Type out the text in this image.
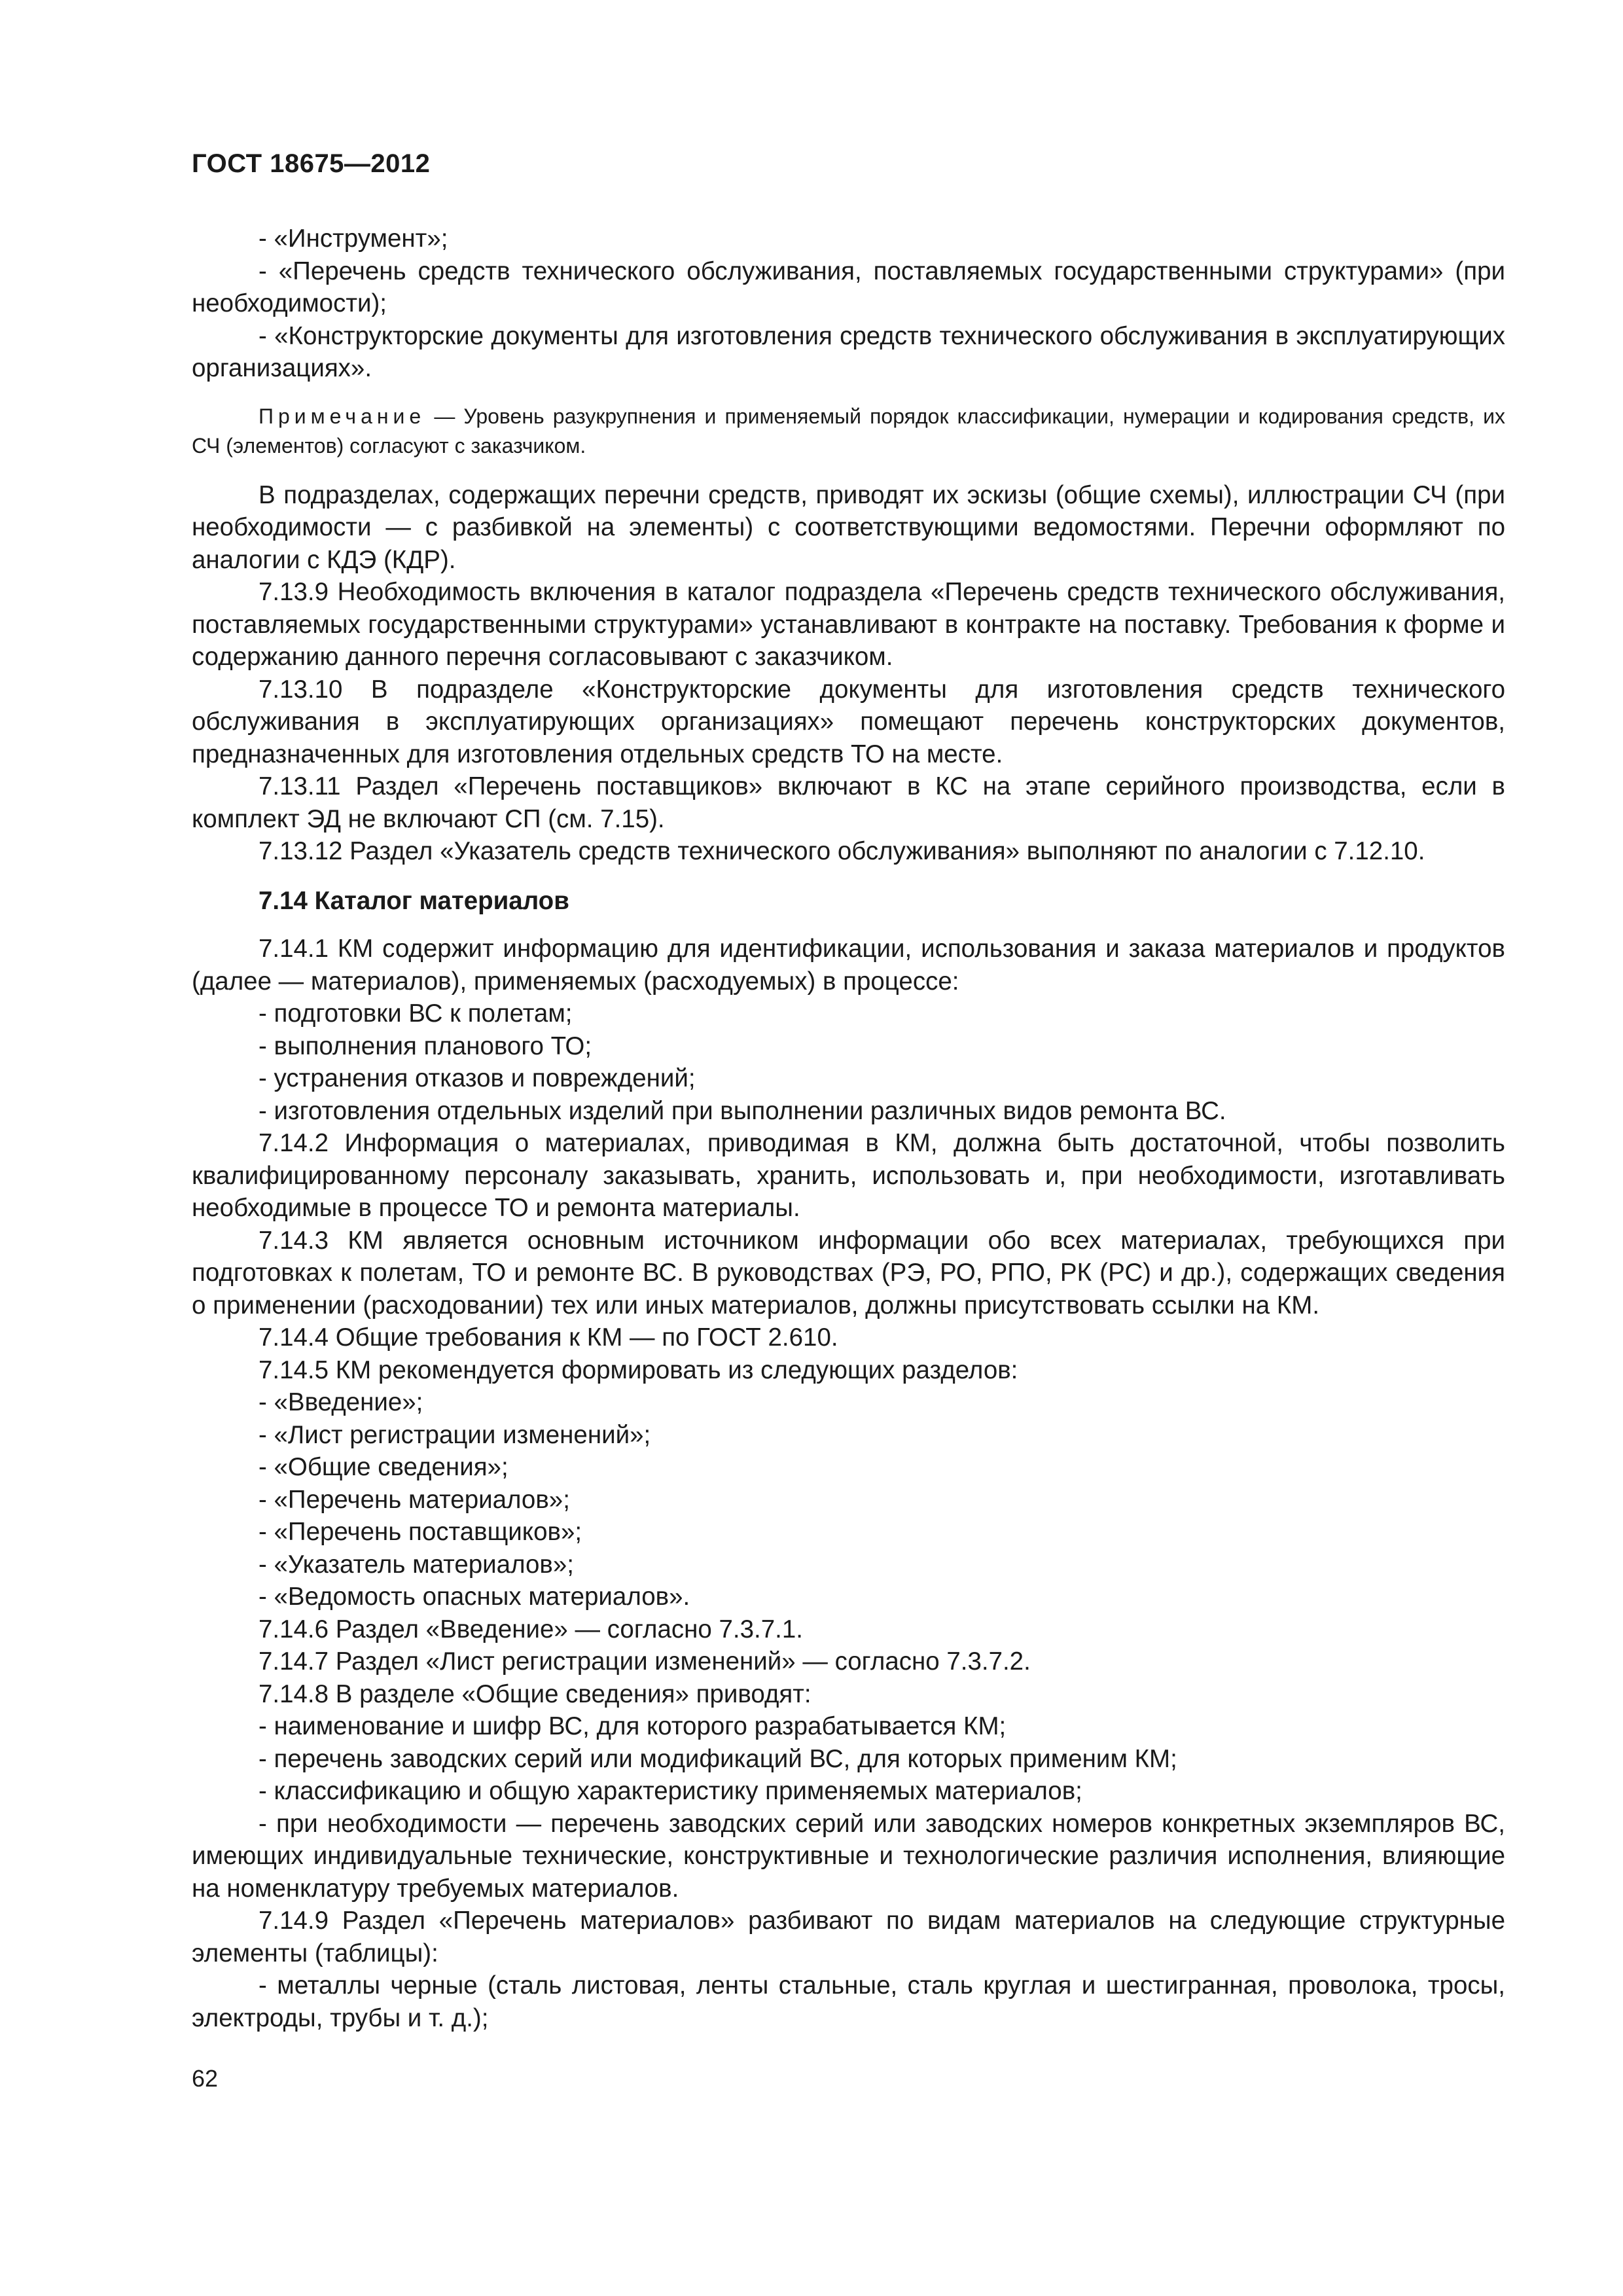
ГОСТ 18675—2012

- «Инструмент»;

- «Перечень средств технического обслуживания, поставляемых государственными структурами» (при необходимости);

- «Конструкторские документы для изготовления средств технического обслуживания в эксплуатирующих организациях».

Примечание — Уровень разукрупнения и применяемый порядок классификации, нумерации и кодирования средств, их СЧ (элементов) согласуют с заказчиком.

В подразделах, содержащих перечни средств, приводят их эскизы (общие схемы), иллюстрации СЧ (при необходимости — с разбивкой на элементы) с соответствующими ведомостями. Перечни оформляют по аналогии с КДЭ (КДР).

7.13.9 Необходимость включения в каталог подраздела «Перечень средств технического обслуживания, поставляемых государственными структурами» устанавливают в контракте на поставку. Требования к форме и содержанию данного перечня согласовывают с заказчиком.

7.13.10 В подразделе «Конструкторские документы для изготовления средств технического обслуживания в эксплуатирующих организациях» помещают перечень конструкторских документов, предназначенных для изготовления отдельных средств ТО на месте.

7.13.11 Раздел «Перечень поставщиков» включают в КС на этапе серийного производства, если в комплект ЭД не включают СП (см. 7.15).

7.13.12 Раздел «Указатель средств технического обслуживания» выполняют по аналогии с 7.12.10.

7.14 Каталог материалов

7.14.1 КМ содержит информацию для идентификации, использования и заказа материалов и продуктов (далее — материалов), применяемых (расходуемых) в процессе:

- подготовки ВС к полетам;

- выполнения планового ТО;

- устранения отказов и повреждений;

- изготовления отдельных изделий при выполнении различных видов ремонта ВС.

7.14.2 Информация о материалах, приводимая в КМ, должна быть достаточной, чтобы позволить квалифицированному персоналу заказывать, хранить, использовать и, при необходимости, изготавливать необходимые в процессе ТО и ремонта материалы.

7.14.3 КМ является основным источником информации обо всех материалах, требующихся при подготовках к полетам, ТО и ремонте ВС. В руководствах (РЭ, РО, РПО, РК (РС) и др.), содержащих сведения о применении (расходовании) тех или иных материалов, должны присутствовать ссылки на КМ.

7.14.4 Общие требования к КМ — по ГОСТ 2.610.

7.14.5 КМ рекомендуется формировать из следующих разделов:

- «Введение»;

- «Лист регистрации изменений»;

- «Общие сведения»;

- «Перечень материалов»;

- «Перечень поставщиков»;

- «Указатель материалов»;

- «Ведомость опасных материалов».

7.14.6 Раздел «Введение» — согласно 7.3.7.1.

7.14.7 Раздел «Лист регистрации изменений» — согласно 7.3.7.2.

7.14.8 В разделе «Общие сведения» приводят:

- наименование и шифр ВС, для которого разрабатывается КМ;

- перечень заводских серий или модификаций ВС, для которых применим КМ;

- классификацию и общую характеристику применяемых материалов;

- при необходимости — перечень заводских серий или заводских номеров конкретных экземпляров ВС, имеющих индивидуальные технические, конструктивные и технологические различия исполнения, влияющие на номенклатуру требуемых материалов.

7.14.9 Раздел «Перечень материалов» разбивают по видам материалов на следующие структурные элементы (таблицы):

- металлы черные (сталь листовая, ленты стальные, сталь круглая и шестигранная, проволока, тросы, электроды, трубы и т. д.);

62
